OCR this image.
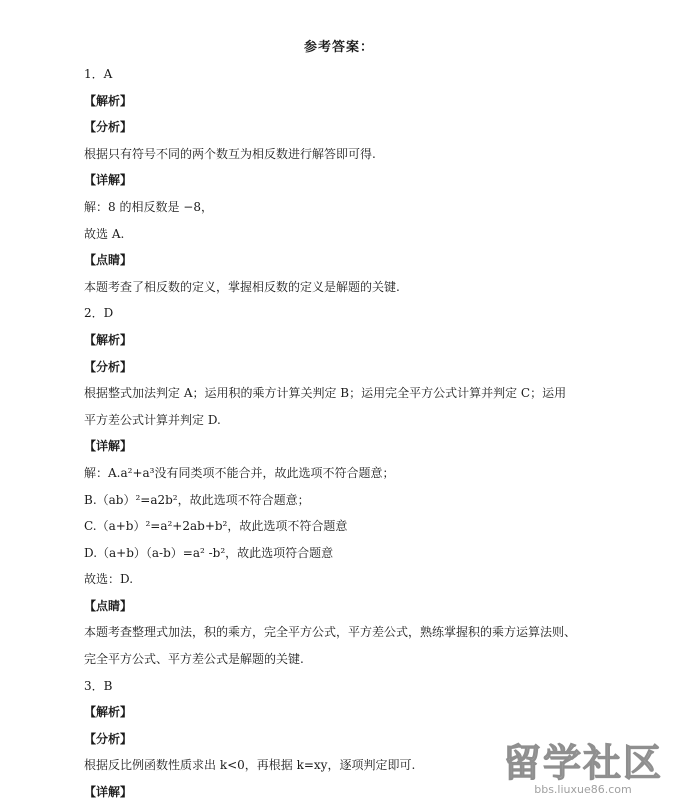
参考答案：
1．A
【解析】
【分析】
根据只有符号不同的两个数互为相反数进行解答即可得.
【详解】
解：8 的相反数是 −8，
故选 A.
【点睛】
本题考查了相反数的定义，掌握相反数的定义是解题的关键.
2．D
【解析】
【分析】
根据整式加法判定 A；运用积的乘方计算关判定 B；运用完全平方公式计算并判定 C；运用
平方差公式计算并判定 D.
【详解】
解：A.a²+a³没有同类项不能合并，故此选项不符合题意；
B.（ab）²=a2b²，故此选项不符合题意；
C.（a+b）²=a²+2ab+b²，故此选项不符合题意
D.（a+b）（a-b）=a² -b²，故此选项符合题意
故选：D.
【点睛】
本题考查整理式加法，积的乘方，完全平方公式，平方差公式，熟练掌握积的乘方运算法则、
完全平方公式、平方差公式是解题的关键.
3．B
【解析】
【分析】
根据反比例函数性质求出 k<0，再根据 k=xy，逐项判定即可.
【详解】
留学社区
bbs.liuxue86.com
